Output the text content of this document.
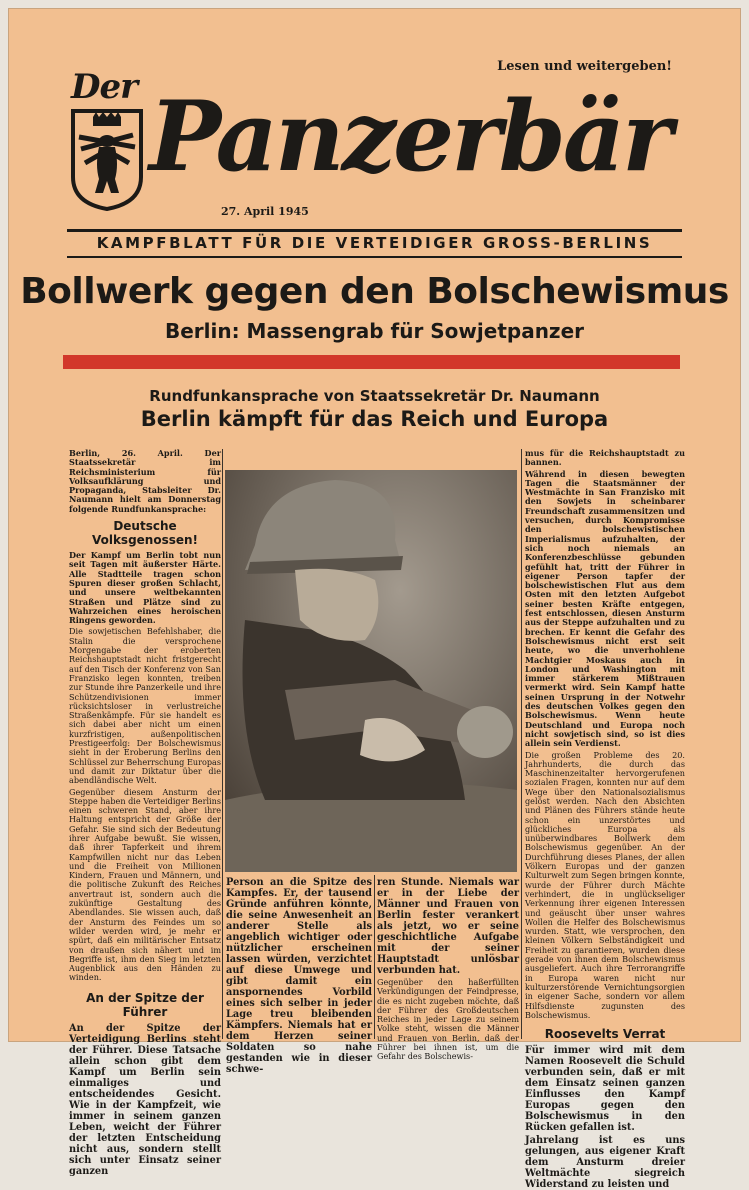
Lesen und weitergeben!
Der Panzerbär
27. April 1945
KAMPFBLATT FÜR DIE VERTEIDIGER GROSS-BERLINS
Bollwerk gegen den Bolschewismus
Berlin: Massengrab für Sowjetpanzer
Rundfunkansprache von Staatssekretär Dr. Naumann
Berlin kämpft für das Reich und Europa

Berlin, 26. April. Der Staatssekretär im Reichsministerium für Volksaufklärung und Propaganda, Stabsleiter Dr. Naumann hielt am Donnerstag folgende Rundfunkansprache:

Deutsche Volksgenossen!

Der Kampf um Berlin tobt nun seit Tagen mit äußerster Härte. Alle Stadtteile tragen schon Spuren dieser großen Schlacht, und unsere weltbekannten Straßen und Plätze sind zu Wahrzeichen eines heroischen Ringens geworden.

Die sowjetischen Befehlshaber, die Stalin die versprochene Morgengabe der eroberten Reichshauptstadt nicht fristgerecht auf den Tisch der Konferenz von San Franzisko legen konnten, treiben zur Stunde ihre Panzerkeile und ihre Schützendivisionen immer rücksichtsloser in verlustreiche Straßenkämpfe. Für sie handelt es sich dabei aber nicht um einen kurzfristigen, außenpolitischen Prestigeerfolg: Der Bolschewismus sieht in der Eroberung Berlins den Schlüssel zur Beherrschung Europas und damit zur Diktatur über die abendländische Welt.

Gegenüber diesem Ansturm der Steppe haben die Verteidiger Berlins einen schweren Stand, aber ihre Haltung entspricht der Größe der Gefahr. Sie sind sich der Bedeutung ihrer Aufgabe bewußt. Sie wissen, daß ihrer Tapferkeit und ihrem Kampfwillen nicht nur das Leben und die Freiheit von Millionen Kindern, Frauen und Männern, und die politische Zukunft des Reiches anvertraut ist, sondern auch die zukünftige Gestaltung des Abendlandes. Sie wissen auch, daß der Ansturm des Feindes um so wilder werden wird, je mehr er spürt, daß ein militärischer Entsatz von draußen sich nähert und im Begriffe ist, ihm den Sieg im letzten Augenblick aus den Händen zu winden.

An der Spitze der Führer

An der Spitze der Verteidigung Berlins steht der Führer. Diese Tatsache allein schon gibt dem Kampf um Berlin sein einmaliges und entscheidendes Gesicht. Wie in der Kampfzeit, wie immer in seinem ganzen Leben, weicht der Führer der letzten Entscheidung nicht aus, sondern stellt sich unter Einsatz seiner ganzen

Person an die Spitze des Kampfes. Er, der tausend Gründe anführen könnte, die seine Anwesenheit an anderer Stelle als angeblich wichtiger oder nützlicher erscheinen lassen würden, verzichtet auf diese Umwege und gibt damit ein anspornendes Vorbild eines sich selber in jeder Lage treu bleibenden Kämpfers. Niemals hat er dem Herzen seiner Soldaten so nahe gestanden wie in dieser schwe-

ren Stunde. Niemals war er in der Liebe der Männer und Frauen von Berlin fester verankert als jetzt, wo er seine geschichtliche Aufgabe mit der seiner Hauptstadt unlösbar verbunden hat.

Gegenüber den haßerfüllten Verkündigungen der Feindpresse, die es nicht zugeben möchte, daß der Führer des Großdeutschen Reiches in jeder Lage zu seinem Volke steht, wissen die Männer und Frauen von Berlin, daß der Führer bei ihnen ist, um die Gefahr des Bolschewis-

mus für die Reichshauptstadt zu bannen.

Während in diesen bewegten Tagen die Staatsmänner der Westmächte in San Franzisko mit den Sowjets in scheinbarer Freundschaft zusammensitzen und versuchen, durch Kompromisse den bolschewistischen Imperialismus aufzuhalten, der sich noch niemals an Konferenzbeschlüsse gebunden gefühlt hat, tritt der Führer in eigener Person tapfer der bolschewistischen Flut aus dem Osten mit den letzten Aufgebot seiner besten Kräfte entgegen, fest entschlossen, diesen Ansturm aus der Steppe aufzuhalten und zu brechen. Er kennt die Gefahr des Bolschewismus nicht erst seit heute, wo die unverhohlene Machtgier Moskaus auch in London und Washington mit immer stärkerem Mißtrauen vermerkt wird. Sein Kampf hatte seinen Ursprung in der Notwehr des deutschen Volkes gegen den Bolschewismus. Wenn heute Deutschland und Europa noch nicht sowjetisch sind, so ist dies allein sein Verdienst.

Die großen Probleme des 20. Jahrhunderts, die durch das Maschinenzeitalter hervorgerufenen sozialen Fragen, konnten nur auf dem Wege über den Nationalsozialismus gelöst werden. Nach den Absichten und Plänen des Führers stände heute schon ein unzerstörtes und glückliches Europa als unüberwindbares Bollwerk dem Bolschewismus gegenüber. An der Durchführung dieses Planes, der allen Völkern Europas und der ganzen Kulturwelt zum Segen bringen konnte, wurde der Führer durch Mächte verhindert, die in unglückseliger Verkennung ihrer eigenen Interessen und geäuscht über unser wahres Wollen die Helfer des Bolschewismus wurden. Statt, wie versprochen, den kleinen Völkern Selbständigkeit und Freiheit zu garantieren, wurden diese gerade von ihnen dem Bolschewismus ausgeliefert. Auch ihre Terrorangriffe in Europa waren nicht nur kulturzerstörende Vernichtungsorgien in eigener Sache, sondern vor allem Hilfsdienste zugunsten des Bolschewismus.

Roosevelts Verrat

Für immer wird mit dem Namen Roosevelt die Schuld verbunden sein, daß er mit dem Einsatz seinen ganzen Einflusses den Kampf Europas gegen den Bolschewismus in den Rücken gefallen ist.

Jahrelang ist es uns gelungen, aus eigener Kraft dem Ansturm dreier Weltmächte siegreich Widerstand zu leisten und
